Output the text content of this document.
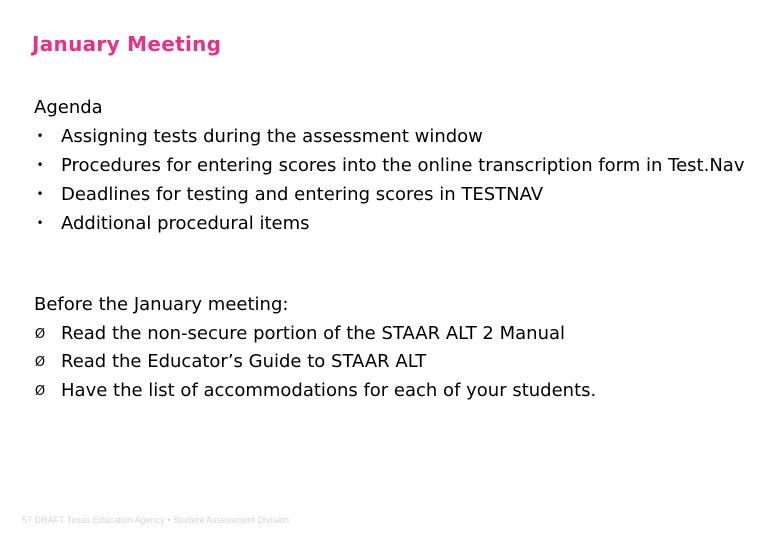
January Meeting

Agenda

• Assigning tests during the assessment window
• Procedures for entering scores into the online transcription form in Test.Nav
• Deadlines for testing and entering scores in TESTNAV
• Additional procedural items

Before the January meeting:

Ø Read the non-secure portion of the STAAR ALT 2 Manual
Ø Read the Educator’s Guide to STAAR ALT
Ø Have the list of accommodations for each of your students.
57 DRAFT Texas Education Agency • Student Assessment Division
